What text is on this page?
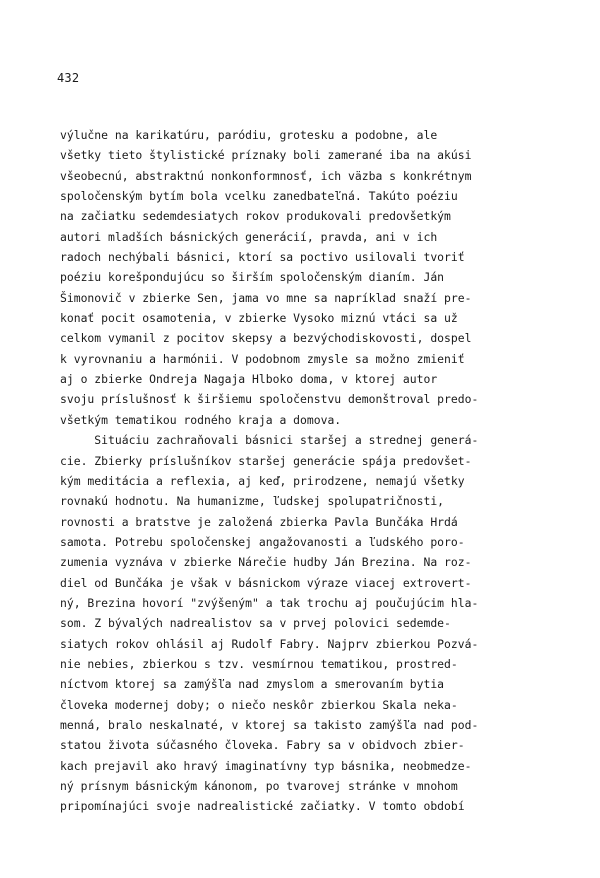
432
výlučne na karikatúru, paródiu, grotesku a podobne, ale
všetky tieto štylistické príznaky boli zamerané iba na akúsi
všeobecnú, abstraktnú nonkonformnosť, ich väzba s konkrétnym
spoločenským bytím bola vcelku zanedbateľná. Takúto poéziu
na začiatku sedemdesiatych rokov produkovali predovšetkým
autori mladších básnických generácií, pravda, ani v ich
radoch nechýbali básnici, ktorí sa poctivo usilovali tvoriť
poéziu korešpondujúcu so širším spoločenským dianím. Ján
Šimonovič v zbierke Sen, jama vo mne sa napríklad snaží pre-
konať pocit osamotenia, v zbierke Vysoko miznú vtáci sa už
celkom vymanil z pocitov skepsy a bezvýchodiskovosti, dospel
k vyrovnaniu a harmónii. V podobnom zmysle sa možno zmieniť
aj o zbierke Ondreja Nagaja Hlboko doma, v ktorej autor
svoju príslušnosť k širšiemu spoločenstvu demonštroval predo-
všetkým tematikou rodného kraja a domova.
Situáciu zachraňovali básnici staršej a strednej generá-
cie. Zbierky príslušníkov staršej generácie spája predovšet-
kým meditácia a reflexia, aj keď, prirodzene, nemajú všetky
rovnakú hodnotu. Na humanizme, ľudskej spolupatričnosti,
rovnosti a bratstve je založená zbierka Pavla Bunčáka Hrdá
samota. Potrebu spoločenskej angažovanosti a ľudského poro-
zumenia vyznáva v zbierke Nárečie hudby Ján Brezina. Na roz-
diel od Bunčáka je však v básnickom výraze viacej extrovert-
ný, Brezina hovorí "zvýšeným" a tak trochu aj poučujúcim hla-
som. Z bývalých nadrealistov sa v prvej polovici sedemde-
siatych rokov ohlásil aj Rudolf Fabry. Najprv zbierkou Pozvá-
nie nebies, zbierkou s tzv. vesmírnou tematikou, prostred-
níctvom ktorej sa zamýšľa nad zmyslom a smerovaním bytia
človeka modernej doby; o niečo neskôr zbierkou Skala neka-
menná, bralo neskalnaté, v ktorej sa takisto zamýšľa nad pod-
statou života súčasného človeka. Fabry sa v obidvoch zbier-
kach prejavil ako hravý imaginatívny typ básnika, neobmedze-
ný prísnym básnickým kánonom, po tvarovej stránke v mnohom
pripomínajúci svoje nadrealistické začiatky. V tomto období
